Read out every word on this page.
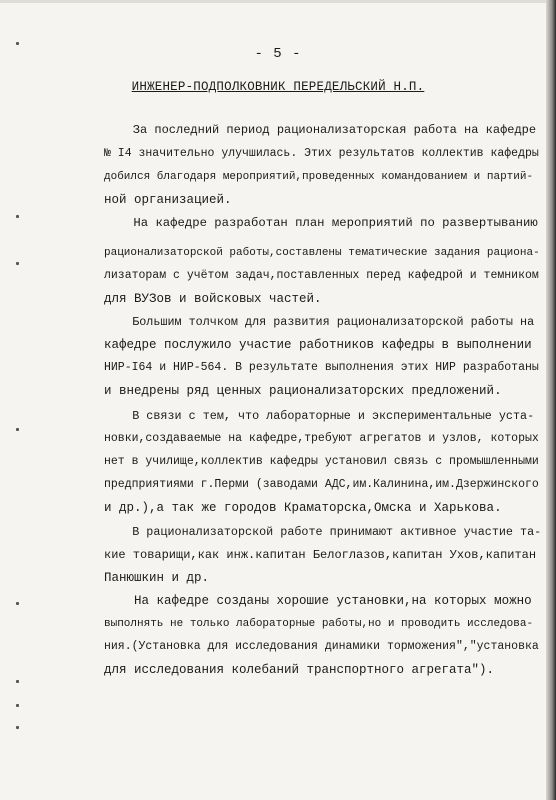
- 5 -
ИНЖЕНЕР-ПОДПОЛКОВНИК ПЕРЕДЕЛЬСКИЙ Н.П.
За последний период рационализаторская работа на кафедре
№ I4 значительно улучшилась. Этих результатов коллектив кафедры
добился благодаря мероприятий,проведенных командованием и партий-
ной организацией.
На кафедре разработан план мероприятий по развертыванию
рационализаторской работы,составлены тематические задания рациона-
лизаторам с учётом задач,поставленных перед кафедрой и темником
для ВУЗов и войсковых частей.
Большим толчком для развития рационализаторской работы на
кафедре послужило участие работников кафедры в выполнении
НИР-I64 и НИР-564. В результате выполнения этих НИР разработаны
и внедрены ряд ценных рационализаторских предложений.
В связи с тем, что лабораторные и экспериментальные уста-
новки,создаваемые на кафедре,требуют агрегатов и узлов, которых
нет в училище,коллектив кафедры установил связь с промышленными
предприятиями г.Перми (заводами АДС,им.Калинина,им.Дзержинского
и др.),а так же городов Краматорска,Омска и Харькова.
В рационализаторской работе принимают активное участие та-
кие товарищи,как инж.капитан Белоглазов,капитан Ухов,капитан
Панюшкин и др.
На кафедре созданы хорошие установки,на которых можно
выполнять не только лабораторные работы,но и проводить исследова-
ния.(Установка для исследования динамики торможения","установка
для исследования колебаний транспортного агрегата").
